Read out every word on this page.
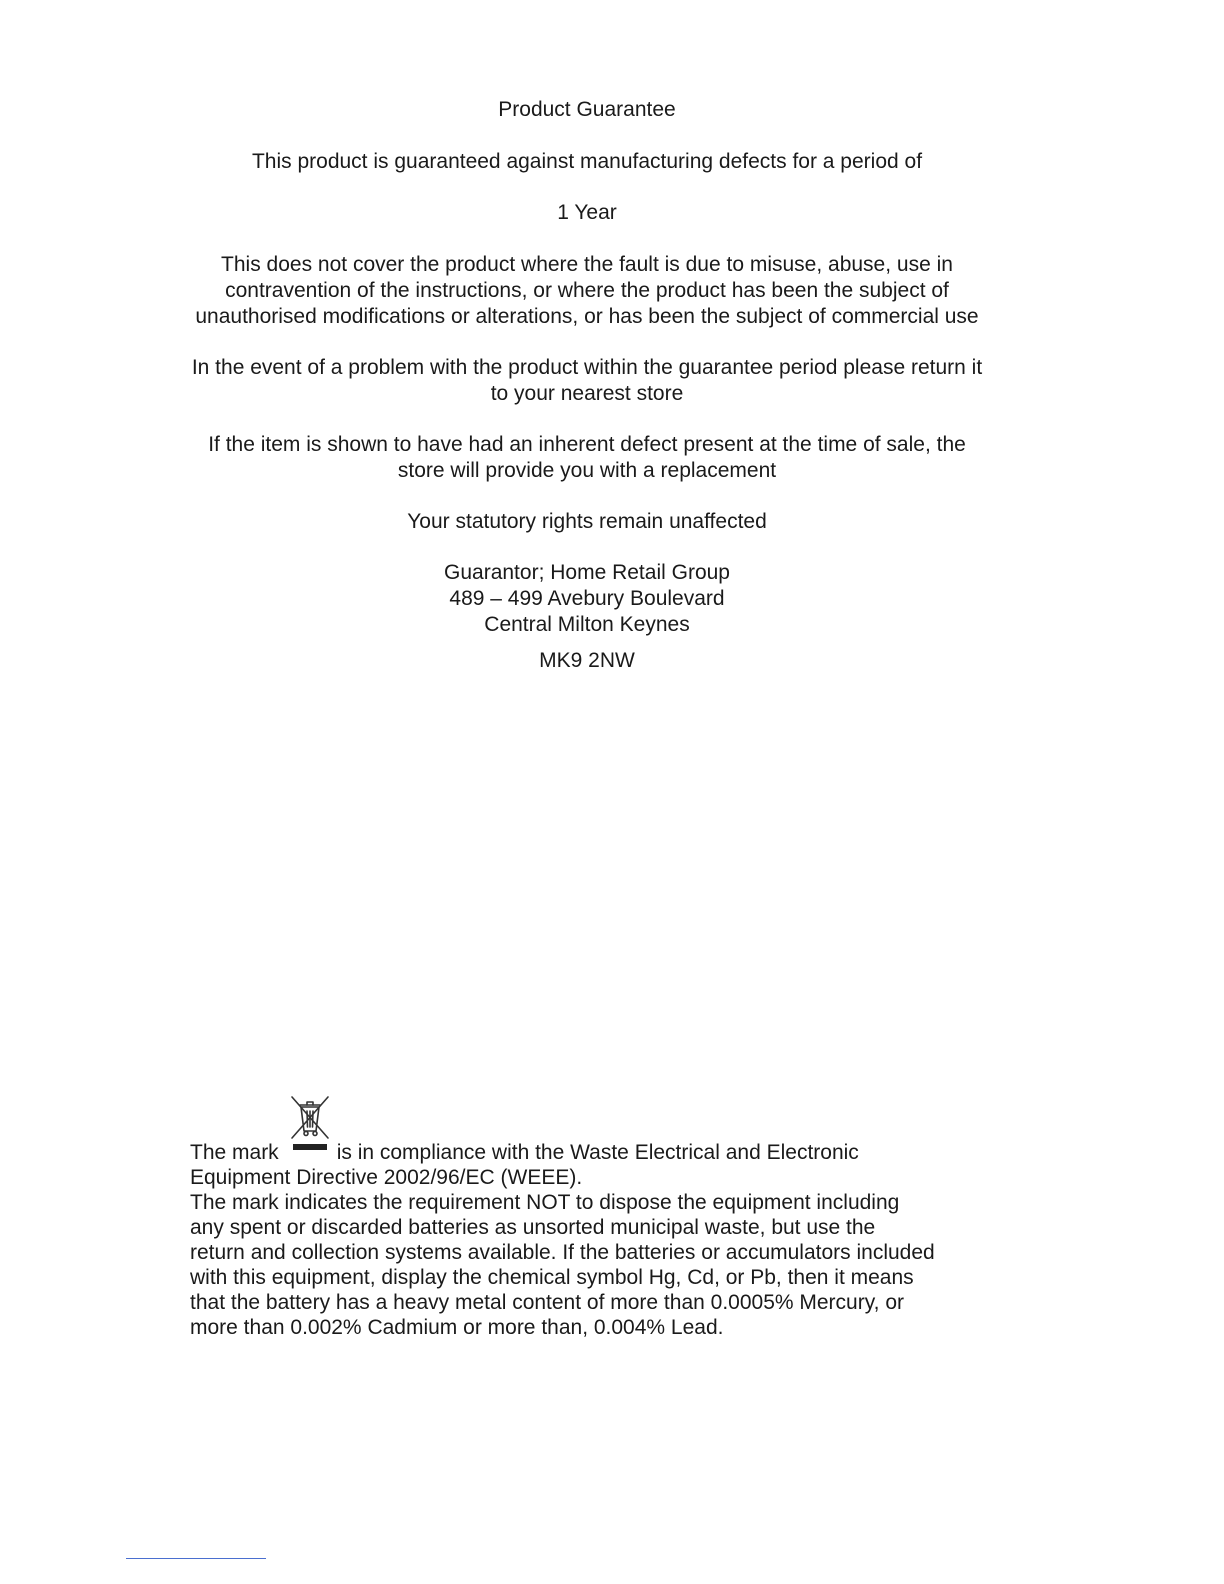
Product Guarantee
This product is guaranteed against manufacturing defects for a period of
1 Year
This does not cover the product where the fault is due to misuse, abuse, use in
contravention of the instructions, or where the product has been the subject of
unauthorised modifications or alterations, or has been the subject of commercial use
In the event of a problem with the product within the guarantee period please return it
to your nearest store
If the item is shown to have had an inherent defect present at the time of sale, the
store will provide you with a replacement
Your statutory rights remain unaffected
Guarantor; Home Retail Group
489 – 499 Avebury Boulevard
Central Milton Keynes
MK9 2NW
The mark	is in compliance with the Waste Electrical and Electronic
Equipment Directive 2002/96/EC (WEEE).
The mark indicates the requirement NOT to dispose the equipment including
any spent or discarded batteries as unsorted municipal waste, but use the
return and collection systems available. If the batteries or accumulators included
with this equipment, display the chemical symbol Hg, Cd, or Pb, then it means
that the battery has a heavy metal content of more than 0.0005% Mercury, or
more than 0.002% Cadmium or more than, 0.004% Lead.
